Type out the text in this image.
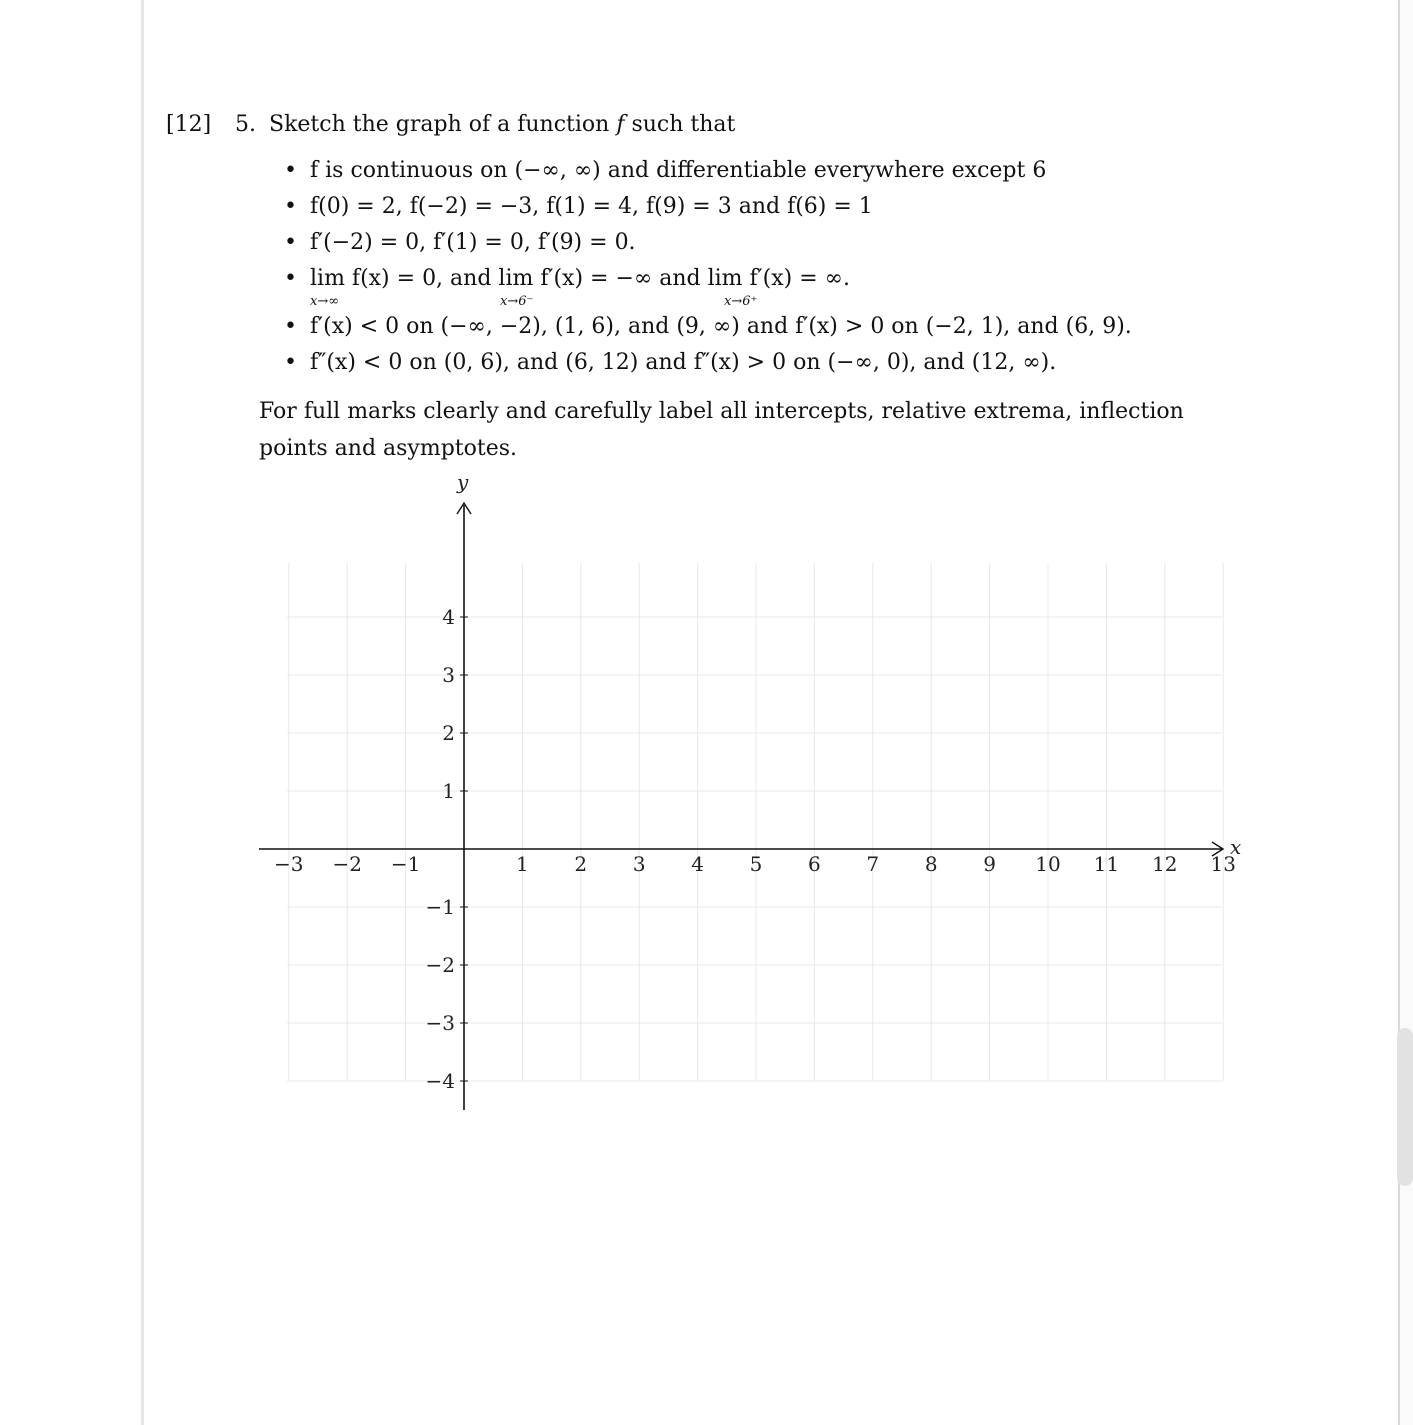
[12] 5. Sketch the graph of a function f such that
• f is continuous on (−∞, ∞) and differentiable everywhere except 6
• f(0) = 2, f(−2) = −3, f(1) = 4, f(9) = 3 and f(6) = 1
• f′(−2) = 0, f′(1) = 0, f′(9) = 0.
• lim f(x) = 0, and lim f′(x) = −∞ and lim f′(x) = ∞.
x→∞	x→6⁻	x→6⁺
• f′(x) < 0 on (−∞, −2), (1, 6), and (9, ∞) and f′(x) > 0 on (−2, 1), and (6, 9).
• f″(x) < 0 on (0, 6), and (6, 12) and f″(x) > 0 on (−∞, 0), and (12, ∞).
For full marks clearly and carefully label all intercepts, relative extrema, inflection points and asymptotes.
x
y
−3 −2 −1	1 2 3 4 5 6 7 8 9 10 11 12 13
4
3
2
1
−1
−2
−3
−4
